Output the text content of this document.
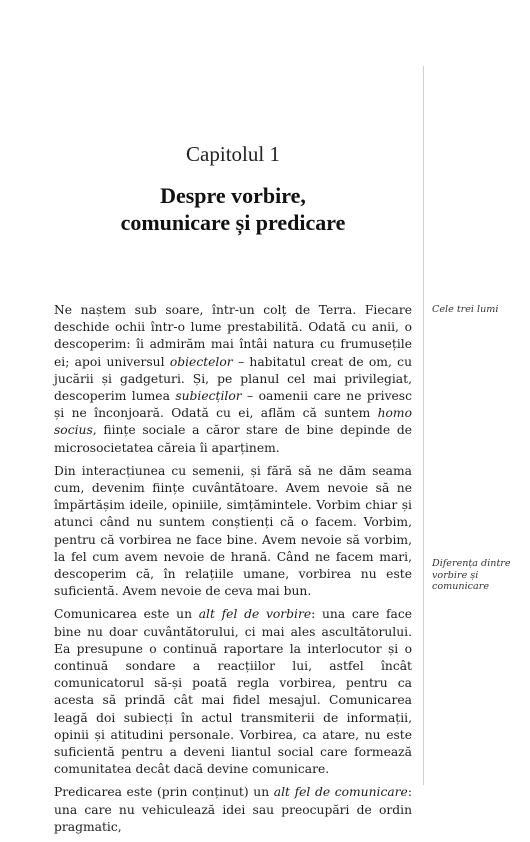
Capitolul 1
Despre vorbire,
comunicare și predicare

Ne naștem sub soare, într-un colț de Terra. Fiecare deschide ochii într-o lume prestabilită. Odată cu anii, o descoperim: îi admirăm mai întâi natura cu frumusețile ei; apoi universul obiectelor – habitatul creat de om, cu jucării și gadgeturi. Și, pe planul cel mai privilegiat, descoperim lumea subiecților – oamenii care ne privesc și ne înconjoară. Odată cu ei, aflăm că suntem homo socius, ființe sociale a căror stare de bine depinde de microsocietatea căreia îi aparținem.

Din interacțiunea cu semenii, și fără să ne dăm seama cum, devenim ființe cuvântătoare. Avem nevoie să ne împărtășim ideile, opiniile, simțămintele. Vorbim chiar și atunci când nu suntem conștienți că o facem. Vorbim, pentru că vorbirea ne face bine. Avem nevoie să vorbim, la fel cum avem nevoie de hrană. Când ne facem mari, descoperim că, în relațiile umane, vorbirea nu este suficientă. Avem nevoie de ceva mai bun.

Comunicarea este un alt fel de vorbire: una care face bine nu doar cuvântătorului, ci mai ales ascultătorului. Ea presupune o continuă raportare la interlocutor și o continuă sondare a reacțiilor lui, astfel încât comunicatorul să-și poată regla vorbirea, pentru ca acesta să prindă cât mai fidel mesajul. Comunicarea leagă doi subiecți în actul transmiterii de informații, opinii și atitudini personale. Vorbirea, ca atare, nu este suficientă pentru a deveni liantul social care formează comunitatea decât dacă devine comunicare.

Predicarea este (prin conținut) un alt fel de comunicare: una care nu vehiculează idei sau preocupări de ordin pragmatic,

Cele trei lumi
Diferența dintre vorbire și comunicare
